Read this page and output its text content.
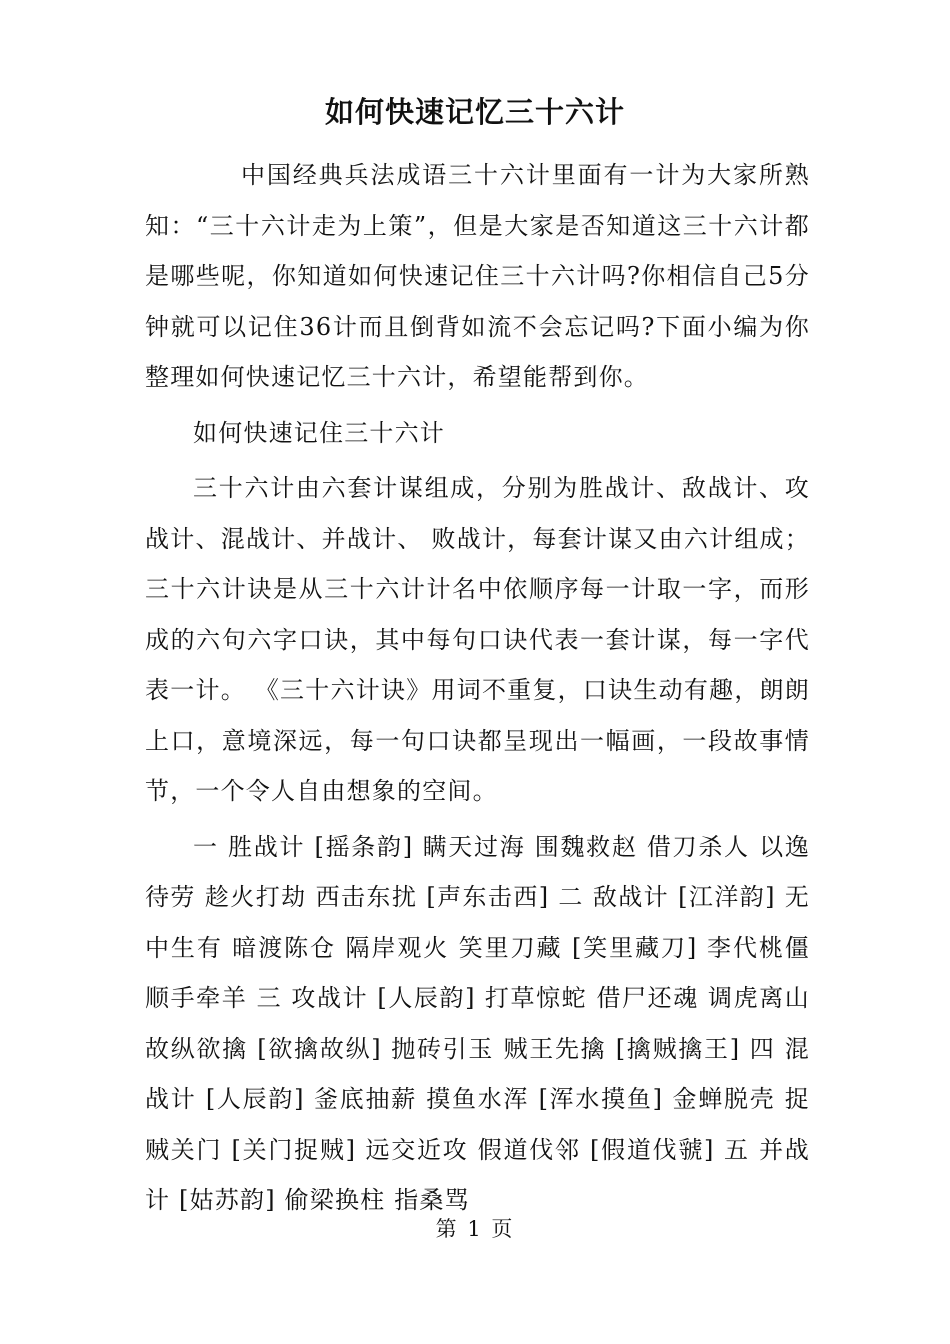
如何快速记忆三十六计

中国经典兵法成语三十六计里面有一计为大家所熟知：“三十六计走为上策”，但是大家是否知道这三十六计都是哪些呢，你知道如何快速记住三十六计吗?你相信自己5分钟就可以记住36计而且倒背如流不会忘记吗?下面小编为你整理如何快速记忆三十六计，希望能帮到你。

如何快速记住三十六计

三十六计由六套计谋组成，分别为胜战计、敌战计、攻战计、混战计、并战计、 败战计，每套计谋又由六计组成；三十六计诀是从三十六计计名中依顺序每一计取一字，而形成的六句六字口诀，其中每句口诀代表一套计谋，每一字代表一计。 《三十六计诀》用词不重复，口诀生动有趣，朗朗上口，意境深远，每一句口诀都呈现出一幅画，一段故事情节，一个令人自由想象的空间。

一 胜战计 [摇条韵] 瞒天过海 围魏救赵 借刀杀人 以逸待劳 趁火打劫 西击东扰 [声东击西] 二 敌战计 [江洋韵] 无中生有 暗渡陈仓 隔岸观火 笑里刀藏 [笑里藏刀] 李代桃僵 顺手牵羊 三 攻战计 [人辰韵] 打草惊蛇 借尸还魂 调虎离山 故纵欲擒 [欲擒故纵] 抛砖引玉 贼王先擒 [擒贼擒王] 四 混战计 [人辰韵] 釜底抽薪 摸鱼水浑 [浑水摸鱼] 金蝉脱壳 捉贼关门 [关门捉贼] 远交近攻 假道伐邻 [假道伐虢] 五 并战计 [姑苏韵] 偷梁换柱 指桑骂

第 1 页
